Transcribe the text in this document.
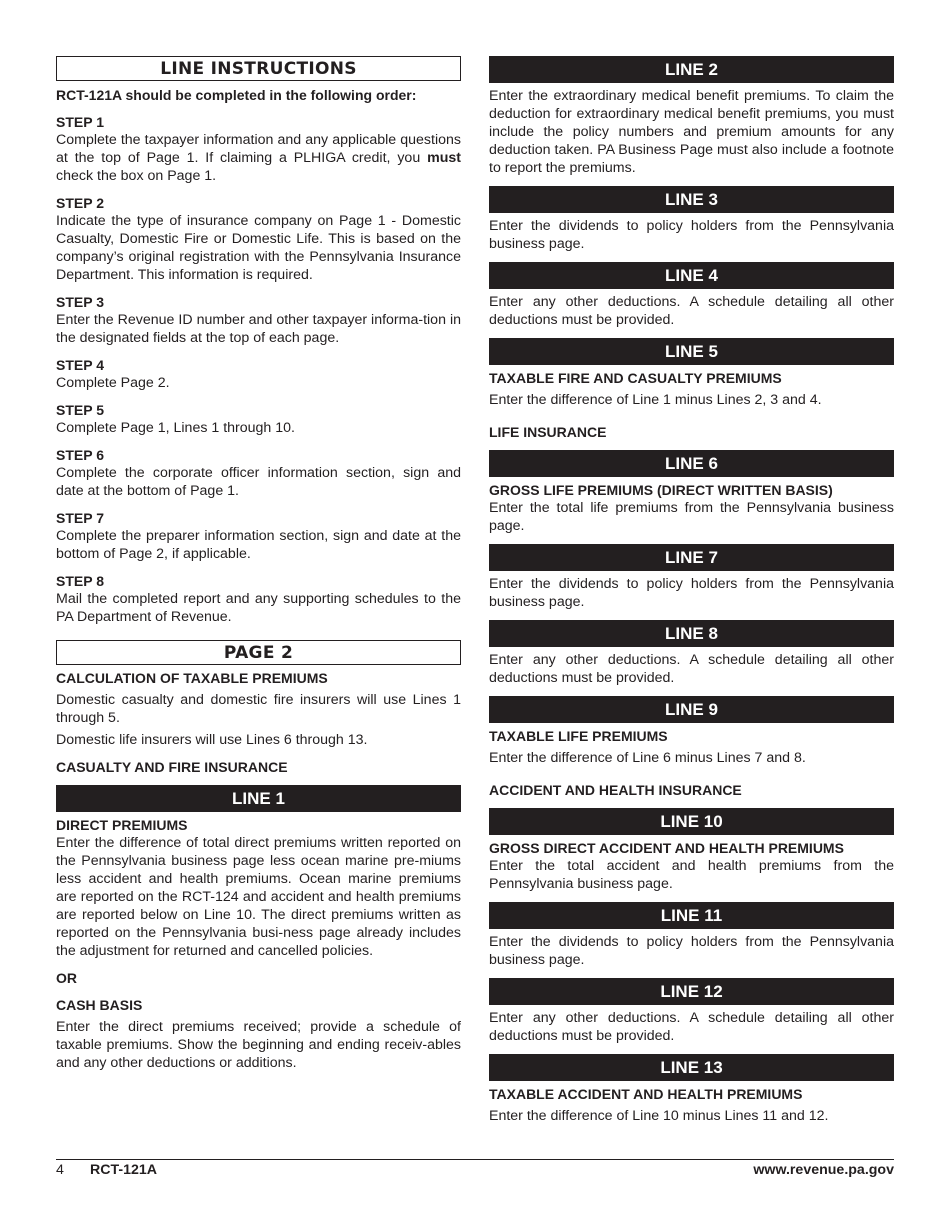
LINE INSTRUCTIONS
RCT-121A should be completed in the following order:
STEP 1

Complete the taxpayer information and any applicable questions at the top of Page 1. If claiming a PLHIGA credit, you must check the box on Page 1.

STEP 2

Indicate the type of insurance company on Page 1 - Domestic Casualty, Domestic Fire or Domestic Life. This is based on the company’s original registration with the Pennsylvania Insurance Department. This information is required.

STEP 3

Enter the Revenue ID number and other taxpayer informa-tion in the designated fields at the top of each page.

STEP 4

Complete Page 2.

STEP 5

Complete Page 1, Lines 1 through 10.

STEP 6

Complete the corporate officer information section, sign and date at the bottom of Page 1.

STEP 7

Complete the preparer information section, sign and date at the bottom of Page 2, if applicable.

STEP 8

Mail the completed report and any supporting schedules to the PA Department of Revenue.

PAGE 2
CALCULATION OF TAXABLE PREMIUMS

Domestic casualty and domestic fire insurers will use Lines 1 through 5.

Domestic life insurers will use Lines 6 through 13.

CASUALTY AND FIRE INSURANCE
LINE 1
DIRECT PREMIUMS

Enter the difference of total direct premiums written reported on the Pennsylvania business page less ocean marine pre-miums less accident and health premiums. Ocean marine premiums are reported on the RCT-124 and accident and health premiums are reported below on Line 10. The direct premiums written as reported on the Pennsylvania busi-ness page already includes the adjustment for returned and cancelled policies.

OR
CASH BASIS

Enter the direct premiums received; provide a schedule of taxable premiums. Show the beginning and ending receiv-ables and any other deductions or additions.

LINE 2

Enter the extraordinary medical benefit premiums. To claim the deduction for extraordinary medical benefit premiums, you must include the policy numbers and premium amounts for any deduction taken. PA Business Page must also include a footnote to report the premiums.

LINE 3

Enter the dividends to policy holders from the Pennsylvania business page.

LINE 4

Enter any other deductions. A schedule detailing all other deductions must be provided.

LINE 5
TAXABLE FIRE AND CASUALTY PREMIUMS

Enter the difference of Line 1 minus Lines 2, 3 and 4.

LIFE INSURANCE
LINE 6
GROSS LIFE PREMIUMS (DIRECT WRITTEN BASIS)

Enter the total life premiums from the Pennsylvania business page.

LINE 7

Enter the dividends to policy holders from the Pennsylvania business page.

LINE 8

Enter any other deductions. A schedule detailing all other deductions must be provided.

LINE 9
TAXABLE LIFE PREMIUMS

Enter the difference of Line 6 minus Lines 7 and 8.

ACCIDENT AND HEALTH INSURANCE
LINE 10
GROSS DIRECT ACCIDENT AND HEALTH PREMIUMS

Enter the total accident and health premiums from the Pennsylvania business page.

LINE 11

Enter the dividends to policy holders from the Pennsylvania business page.

LINE 12

Enter any other deductions. A schedule detailing all other deductions must be provided.

LINE 13
TAXABLE ACCIDENT AND HEALTH PREMIUMS

Enter the difference of Line 10 minus Lines 11 and 12.

4 RCT-121A	www.revenue.pa.gov
